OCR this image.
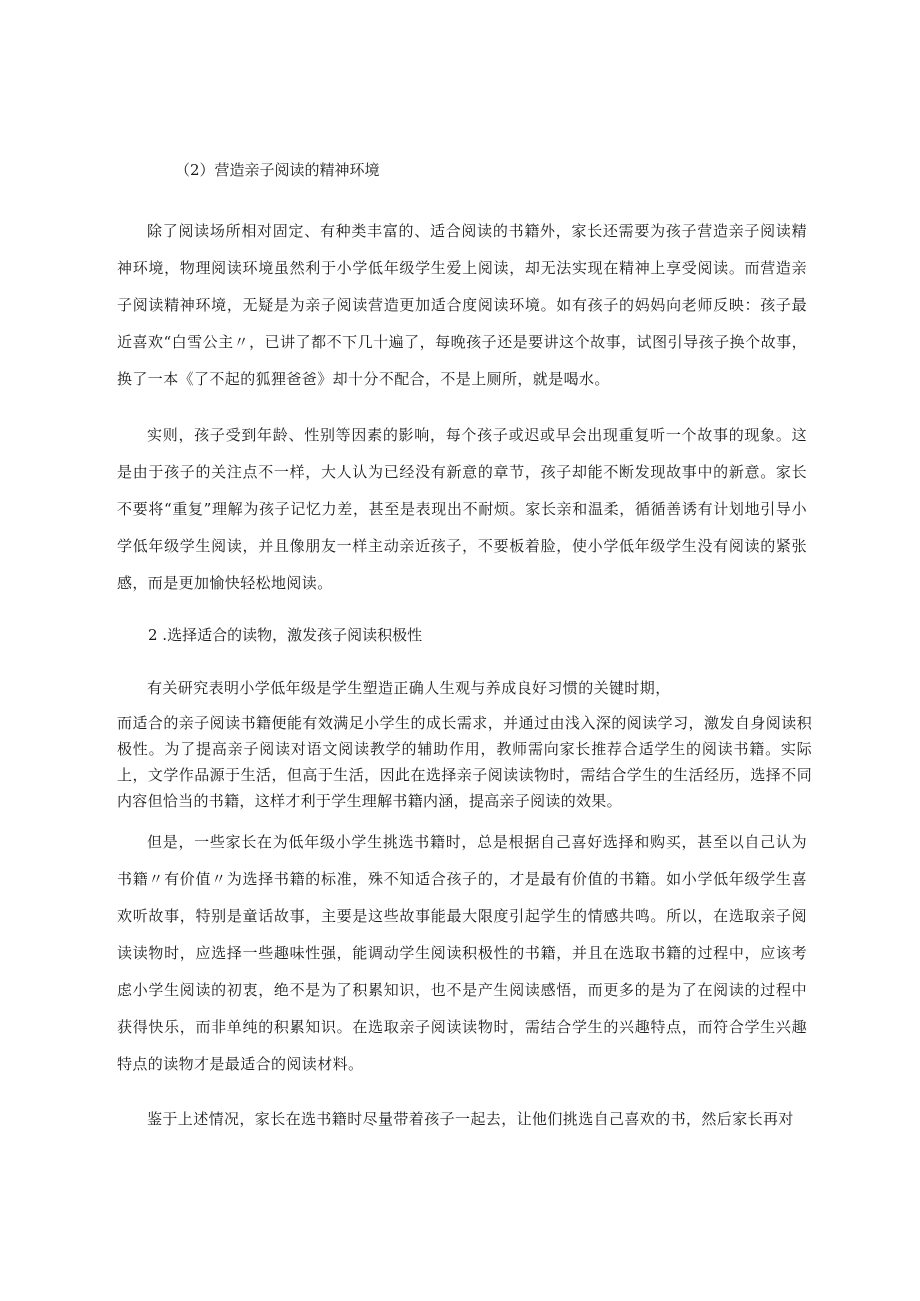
（2）营造亲子阅读的精神环境

除了阅读场所相对固定、有种类丰富的、适合阅读的书籍外，家长还需要为孩子营造亲子阅读精神环境，物理阅读环境虽然利于小学低年级学生爱上阅读，却无法实现在精神上享受阅读。而营造亲子阅读精神环境，无疑是为亲子阅读营造更加适合度阅读环境。如有孩子的妈妈向老师反映：孩子最近喜欢“白雪公主〃，已讲了都不下几十遍了，每晚孩子还是要讲这个故事，试图引导孩子换个故事，换了一本《了不起的狐狸爸爸》却十分不配合，不是上厕所，就是喝水。

实则，孩子受到年龄、性别等因素的影响，每个孩子或迟或早会出现重复听一个故事的现象。这是由于孩子的关注点不一样，大人认为已经没有新意的章节，孩子却能不断发现故事中的新意。家长不要将“重复”理解为孩子记忆力差，甚至是表现出不耐烦。家长亲和温柔，循循善诱有计划地引导小学低年级学生阅读，并且像朋友一样主动亲近孩子，不要板着脸，使小学低年级学生没有阅读的紧张感，而是更加愉快轻松地阅读。

2 .选择适合的读物，激发孩子阅读积极性

有关研究表明小学低年级是学生塑造正确人生观与养成良好习惯的关键时期，

而适合的亲子阅读书籍便能有效满足小学生的成长需求，并通过由浅入深的阅读学习，激发自身阅读积极性。为了提高亲子阅读对语文阅读教学的辅助作用，教师需向家长推荐合适学生的阅读书籍。实际上，文学作品源于生活，但高于生活，因此在选择亲子阅读读物时，需结合学生的生活经历，选择不同内容但恰当的书籍，这样才利于学生理解书籍内涵，提高亲子阅读的效果。

但是，一些家长在为低年级小学生挑选书籍时，总是根据自己喜好选择和购买，甚至以自己认为书籍〃有价值〃为选择书籍的标准，殊不知适合孩子的，才是最有价值的书籍。如小学低年级学生喜欢听故事，特别是童话故事，主要是这些故事能最大限度引起学生的情感共鸣。所以，在选取亲子阅读读物时，应选择一些趣味性强，能调动学生阅读积极性的书籍，并且在选取书籍的过程中，应该考虑小学生阅读的初衷，绝不是为了积累知识，也不是产生阅读感悟，而更多的是为了在阅读的过程中获得快乐，而非单纯的积累知识。在选取亲子阅读读物时，需结合学生的兴趣特点，而符合学生兴趣特点的读物才是最适合的阅读材料。

鉴于上述情况，家长在选书籍时尽量带着孩子一起去，让他们挑选自己喜欢的书，然后家长再对
